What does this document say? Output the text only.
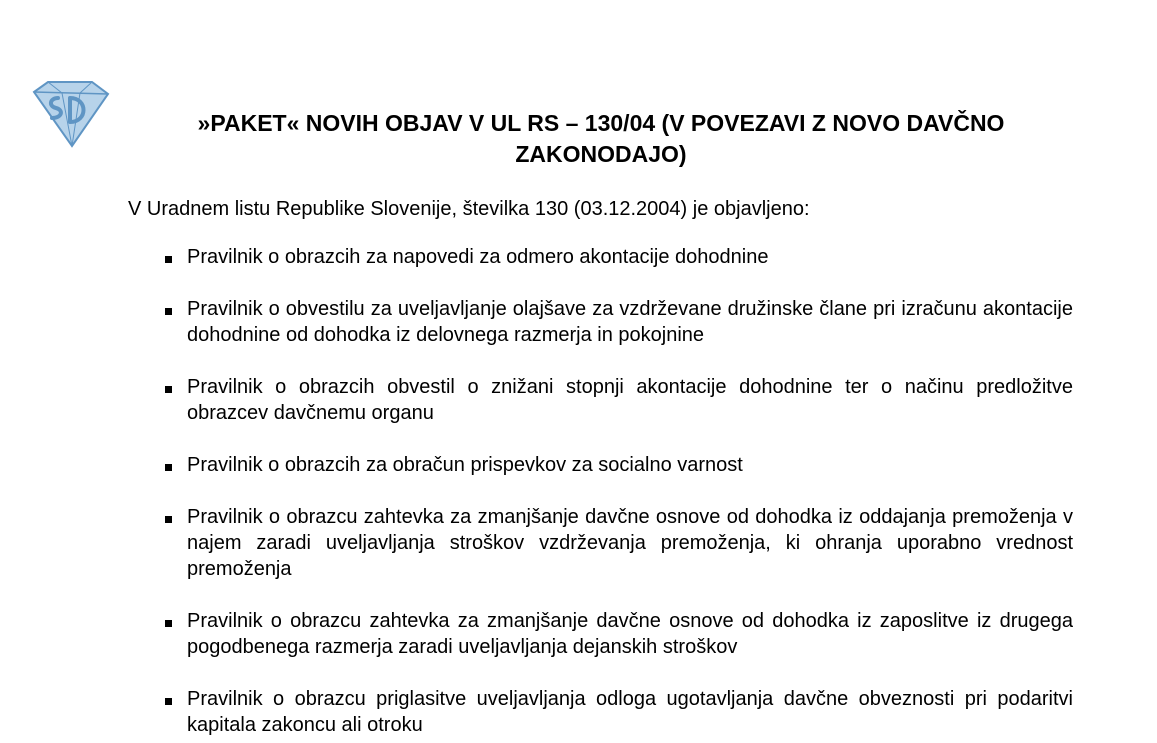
»PAKET« NOVIH OBJAV V UL RS – 130/04 (V POVEZAVI Z NOVO DAVČNO ZAKONODAJO)

V Uradnem listu Republike Slovenije, številka 130 (03.12.2004) je objavljeno:

Pravilnik o obrazcih za napovedi za odmero akontacije dohodnine
Pravilnik o obvestilu za uveljavljanje olajšave za vzdrževane družinske člane pri izračunu akontacije dohodnine od dohodka iz delovnega razmerja in pokojnine
Pravilnik o obrazcih obvestil o znižani stopnji akontacije dohodnine ter o načinu predložitve obrazcev davčnemu organu
Pravilnik o obrazcih za obračun prispevkov za socialno varnost
Pravilnik o obrazcu zahtevka za zmanjšanje davčne osnove od dohodka iz oddajanja premoženja v najem zaradi uveljavljanja stroškov vzdrževanja premoženja, ki ohranja uporabno vrednost premoženja
Pravilnik o obrazcu zahtevka za zmanjšanje davčne osnove od dohodka iz zaposlitve iz drugega pogodbenega razmerja zaradi uveljavljanja dejanskih stroškov
Pravilnik o obrazcu priglasitve uveljavljanja odloga ugotavljanja davčne obveznosti pri podaritvi kapitala zakoncu ali otroku
